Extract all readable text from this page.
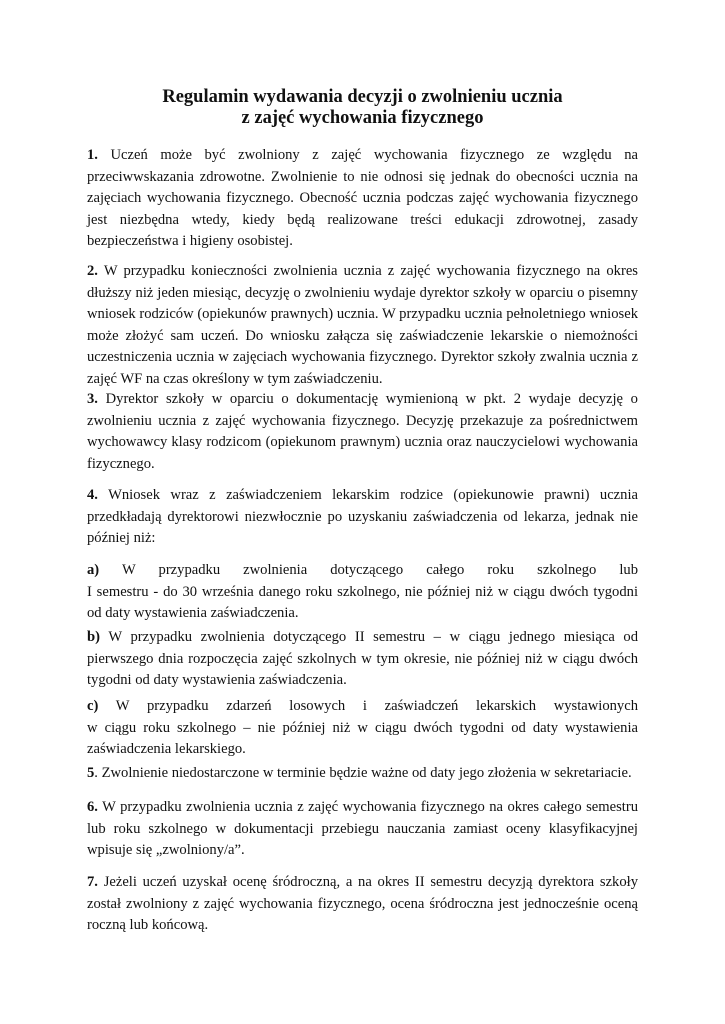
Regulamin wydawania decyzji o zwolnieniu ucznia
z zajęć wychowania fizycznego
1. Uczeń może być zwolniony z zajęć wychowania fizycznego ze względu na przeciwwskazania zdrowotne. Zwolnienie to nie odnosi się jednak do obecności ucznia na zajęciach wychowania fizycznego. Obecność ucznia podczas zajęć wychowania fizycznego jest niezbędna wtedy, kiedy będą realizowane treści edukacji zdrowotnej, zasady bezpieczeństwa i higieny osobistej.
2. W przypadku konieczności zwolnienia ucznia z zajęć wychowania fizycznego na okres dłuższy niż jeden miesiąc, decyzję o zwolnieniu wydaje dyrektor szkoły w oparciu o pisemny wniosek rodziców (opiekunów prawnych) ucznia. W przypadku ucznia pełnoletniego wniosek może złożyć sam uczeń. Do wniosku załącza się zaświadczenie lekarskie o niemożności uczestniczenia ucznia w zajęciach wychowania fizycznego. Dyrektor szkoły zwalnia ucznia z zajęć WF na czas określony w tym zaświadczeniu.
3. Dyrektor szkoły w oparciu o dokumentację wymienioną w pkt. 2 wydaje decyzję o zwolnieniu ucznia z zajęć wychowania fizycznego. Decyzję przekazuje za pośrednictwem wychowawcy klasy rodzicom (opiekunom prawnym) ucznia oraz nauczycielowi wychowania fizycznego.
4. Wniosek wraz z zaświadczeniem lekarskim rodzice (opiekunowie prawni) ucznia przedkładają dyrektorowi niezwłocznie po uzyskaniu zaświadczenia od lekarza, jednak nie później niż:
a) W przypadku zwolnienia dotyczącego całego roku szkolnego lub
I semestru - do 30 września danego roku szkolnego, nie później niż w ciągu dwóch tygodni od daty wystawienia zaświadczenia.
b) W przypadku zwolnienia dotyczącego II semestru – w ciągu jednego miesiąca od pierwszego dnia rozpoczęcia zajęć szkolnych w tym okresie, nie później niż w ciągu dwóch tygodni od daty wystawienia zaświadczenia.
c) W przypadku zdarzeń losowych i zaświadczeń lekarskich wystawionych
w ciągu roku szkolnego – nie później niż w ciągu dwóch tygodni od daty wystawienia zaświadczenia lekarskiego.
5. Zwolnienie niedostarczone w terminie będzie ważne od daty jego złożenia w sekretariacie.
6. W przypadku zwolnienia ucznia z zajęć wychowania fizycznego na okres całego semestru lub roku szkolnego w dokumentacji przebiegu nauczania zamiast oceny klasyfikacyjnej wpisuje się „zwolniony/a”.
7. Jeżeli uczeń uzyskał ocenę śródroczną, a na okres II semestru decyzją dyrektora szkoły został zwolniony z zajęć wychowania fizycznego, ocena śródroczna jest jednocześnie oceną roczną lub końcową.
